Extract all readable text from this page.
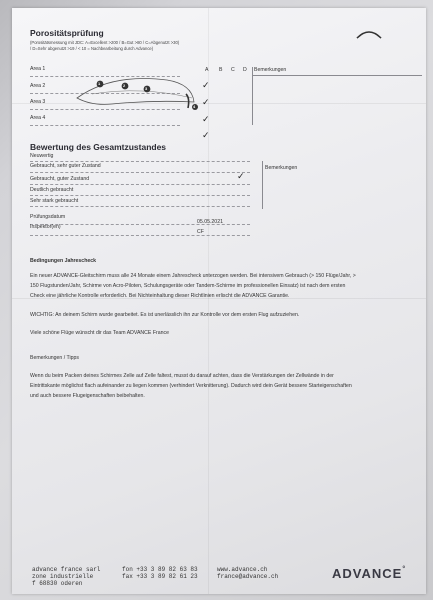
Porositätsprüfung
(Porositätsmessung mit JDC: A=Excellent >200 / B=Gut >80 / C=Abgenutzt >30)
/ D=Sehr abgenutzt >19 / < 10 = Nachbearbeitung durch Advance)
A B C D Bemerkungen
Area 1
Area 2
Area 3
Area 4
1	2
3
4
✓
✓
✓
✓
Bewertung des Gesamtzustandes
Neuwertig
Gebraucht, sehr guter Zustand
Gebraucht, guter Zustand
Deutlich gebraucht
Sehr stark gebraucht
✓
Bemerkungen
Prüfungsdatum
05.05.2021
Inspektor(en)
CF
Bedingungen Jahrescheck
Ein neuer ADVANCE-Gleitschirm muss alle 24 Monate einem Jahrescheck unterzogen werden. Bei intensivem Gebrauch (> 150 Flüge/Jahr, >
150 Flugstunden/Jahr, Schirme von Acro-Piloten, Schulungsgeräte oder Tandem-Schirme im professionellen Einsatz) ist nach dem ersten
Check eine jährliche Kontrolle erforderlich. Bei Nichteinhaltung dieser Richtlinien erlischt die ADVANCE Garantie.
WICHTIG: An deinem Schirm wurde gearbeitet. Es ist unerlässlich ihn zur Kontrolle vor dem ersten Flug aufzuziehen.
Viele schöne Flüge wünscht dir das Team ADVANCE France
Bemerkungen / Tipps
Wenn du beim Packen deines Schirmes Zelle auf Zelle faltest, musst du darauf achten, dass die Verstärkungen der Zellwände in der
Eintrittskante möglichst flach aufeinander zu liegen kommen (verhindert Verknitterung). Dadurch wird dein Gerät bessere Starteigenschaften
und auch bessere Flugeigenschaften beibehalten.
advance france sarl
zone industrielle
f 68830 oderen
fon +33 3 89 82 63 83
fax +33 3 89 82 61 23
www.advance.ch
france@advance.ch	ADVANCE°
